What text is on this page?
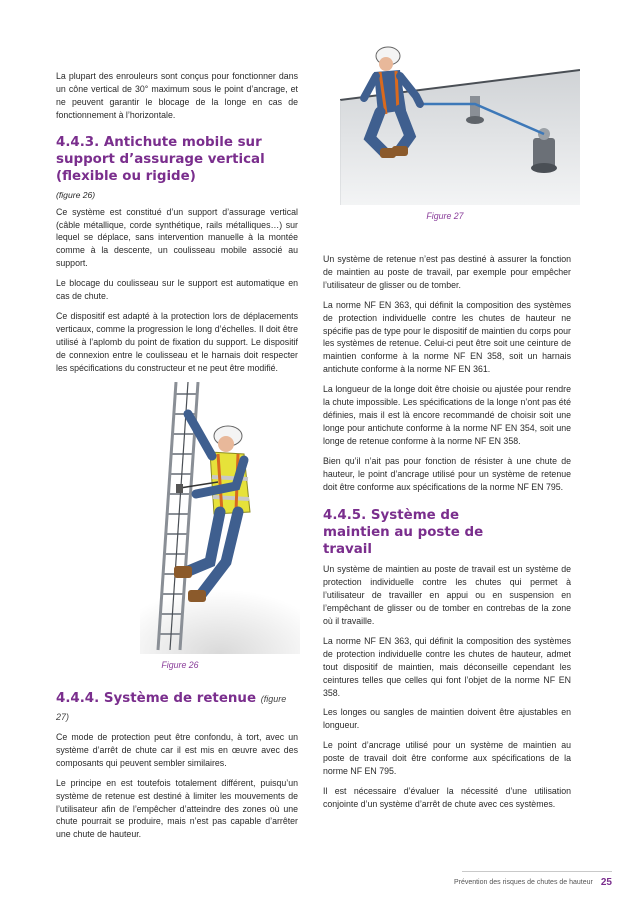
La plupart des enrouleurs sont conçus pour fonctionner dans un cône vertical de 30° maximum sous le point d’ancrage, et ne peuvent garantir le blocage de la longe en cas de fonctionnement à l’horizontale.

4.4.3. Antichute mobile sur support d’assurage vertical (flexible ou rigide)
(figure 26)

Ce système est constitué d’un support d’assurage vertical (câble métallique, corde synthétique, rails métalliques…) sur lequel se déplace, sans intervention manuelle à la montée comme à la descente, un coulisseau mobile associé au support.

Le blocage du coulisseau sur le support est automatique en cas de chute.

Ce dispositif est adapté à la protection lors de déplacements verticaux, comme la progression le long d’échelles. Il doit être utilisé à l’aplomb du point de fixation du support. Le dispositif de connexion entre le coulisseau et le harnais doit respecter les spécifications du constructeur et ne peut être modifié.

Figure 26
4.4.4. Système de retenue (figure 27)

Ce mode de protection peut être confondu, à tort, avec un système d’arrêt de chute car il est mis en œuvre avec des composants qui peuvent sembler similaires.

Le principe en est toutefois totalement différent, puisqu’un système de retenue est destiné à limiter les mouvements de l’utilisateur afin de l’empêcher d’atteindre des zones où une chute pourrait se produire, mais n’est pas capable d’arrêter une chute de hauteur.

Figure 27

Un système de retenue n’est pas destiné à assurer la fonction de maintien au poste de travail, par exemple pour empêcher l’utilisateur de glisser ou de tomber.

La norme NF EN 363, qui définit la composition des systèmes de protection individuelle contre les chutes de hauteur ne spécifie pas de type pour le dispositif de maintien du corps pour les systèmes de retenue. Celui-ci peut être soit une ceinture de maintien conforme à la norme NF EN 358, soit un harnais antichute conforme à la norme NF EN 361.

La longueur de la longe doit être choisie ou ajustée pour rendre la chute impossible. Les spécifications de la longe n’ont pas été définies, mais il est là encore recommandé de choisir soit une longe pour antichute conforme à la norme NF EN 354, soit une longe de retenue conforme à la norme NF EN 358.

Bien qu’il n’ait pas pour fonction de résister à une chute de hauteur, le point d’ancrage utilisé pour un système de retenue doit être conforme aux spécifications de la norme NF EN 795.

4.4.5. Système de maintien au poste de travail

Un système de maintien au poste de travail est un système de protection individuelle contre les chutes qui permet à l’utilisateur de travailler en appui ou en suspension en l’empêchant de glisser ou de tomber en contrebas de la zone où il travaille.

La norme NF EN 363, qui définit la composition des systèmes de protection individuelle contre les chutes de hauteur, admet tout dispositif de maintien, mais déconseille cependant les ceintures telles que celles qui font l’objet de la norme NF EN 358.

Les longes ou sangles de maintien doivent être ajustables en longueur.

Le point d’ancrage utilisé pour un système de maintien au poste de travail doit être conforme aux spécifications de la norme NF EN 795.

Il est nécessaire d’évaluer la nécessité d’une utilisation conjointe d’un système d’arrêt de chute avec ces systèmes.

Prévention des risques de chutes de hauteur 25
